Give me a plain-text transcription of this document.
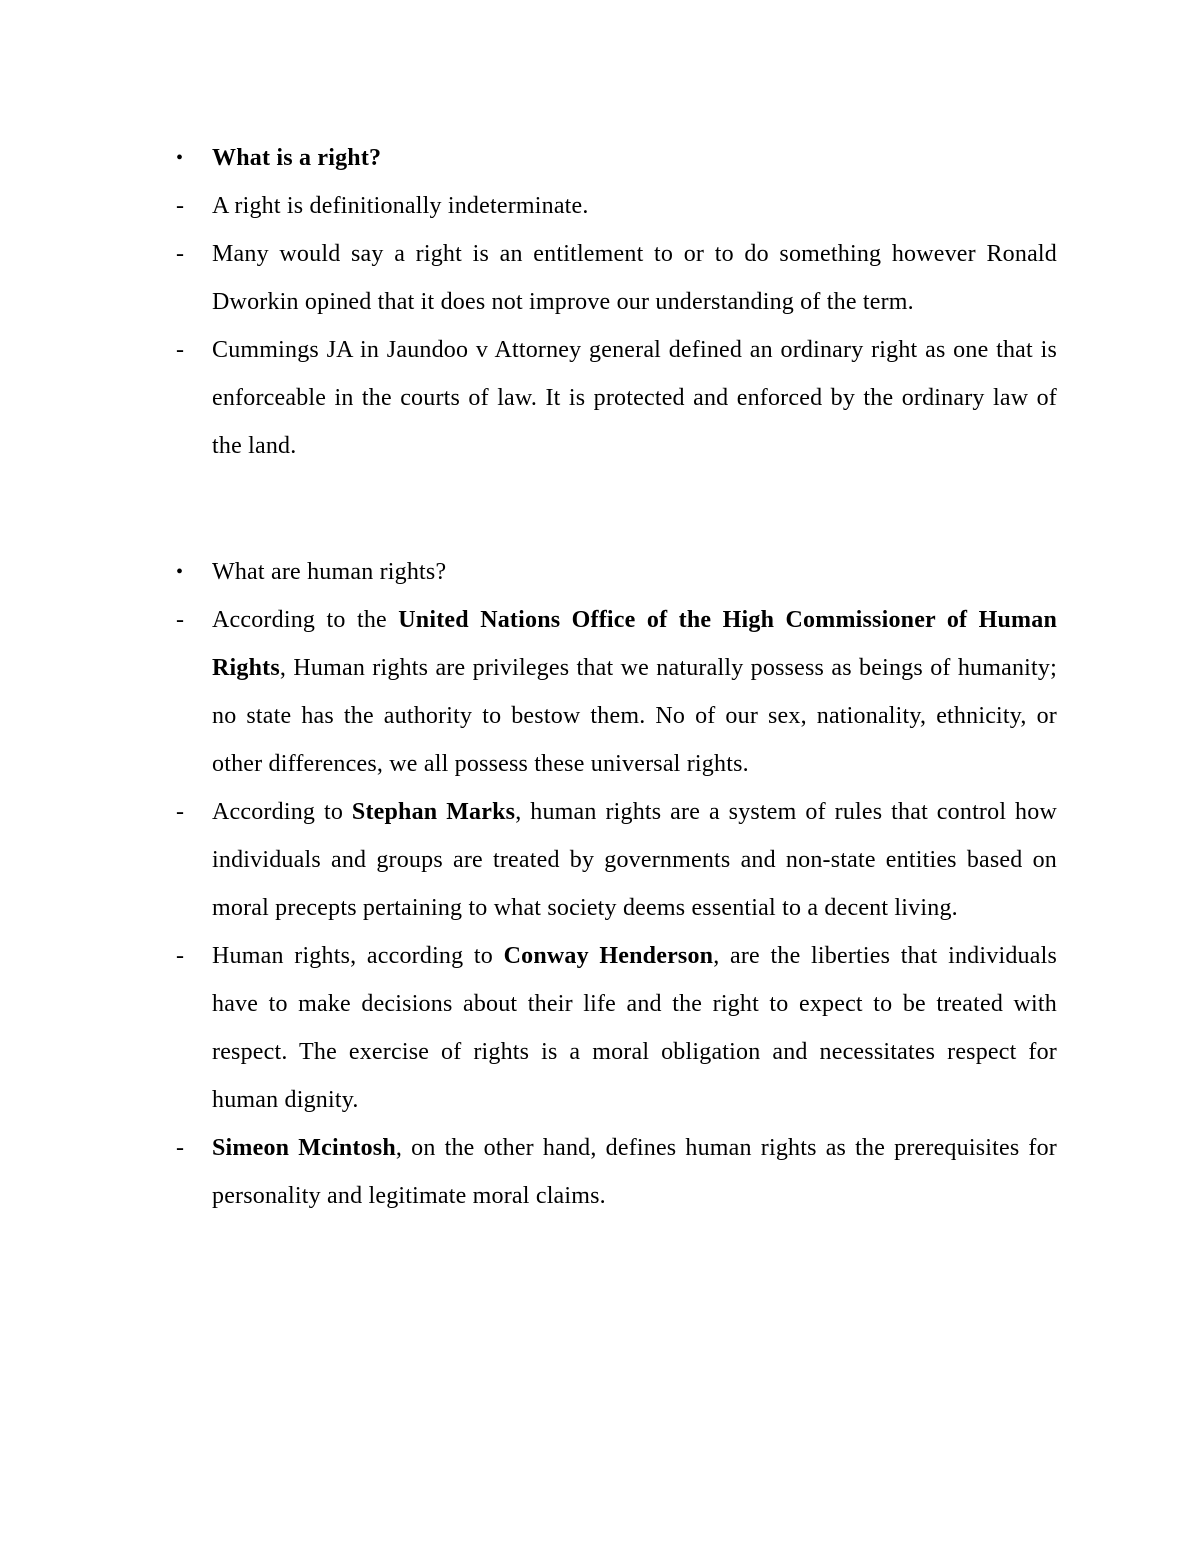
•	What is a right?
-	A right is definitionally indeterminate.
-	Many would say a right is an entitlement to or to do something however Ronald Dworkin opined that it does not improve our understanding of the term.
-	Cummings JA in Jaundoo v Attorney general defined an ordinary right as one that is enforceable in the courts of law. It is protected and enforced by the ordinary law of the land.
•	What are human rights?
-	According to the United Nations Office of the High Commissioner of Human Rights, Human rights are privileges that we naturally possess as beings of humanity; no state has the authority to bestow them. No of our sex, nationality, ethnicity, or other differences, we all possess these universal rights.
-	According to Stephan Marks, human rights are a system of rules that control how individuals and groups are treated by governments and non-state entities based on moral precepts pertaining to what society deems essential to a decent living.
-	Human rights, according to Conway Henderson, are the liberties that individuals have to make decisions about their life and the right to expect to be treated with respect. The exercise of rights is a moral obligation and necessitates respect for human dignity.
-	Simeon Mcintosh, on the other hand, defines human rights as the prerequisites for personality and legitimate moral claims.
